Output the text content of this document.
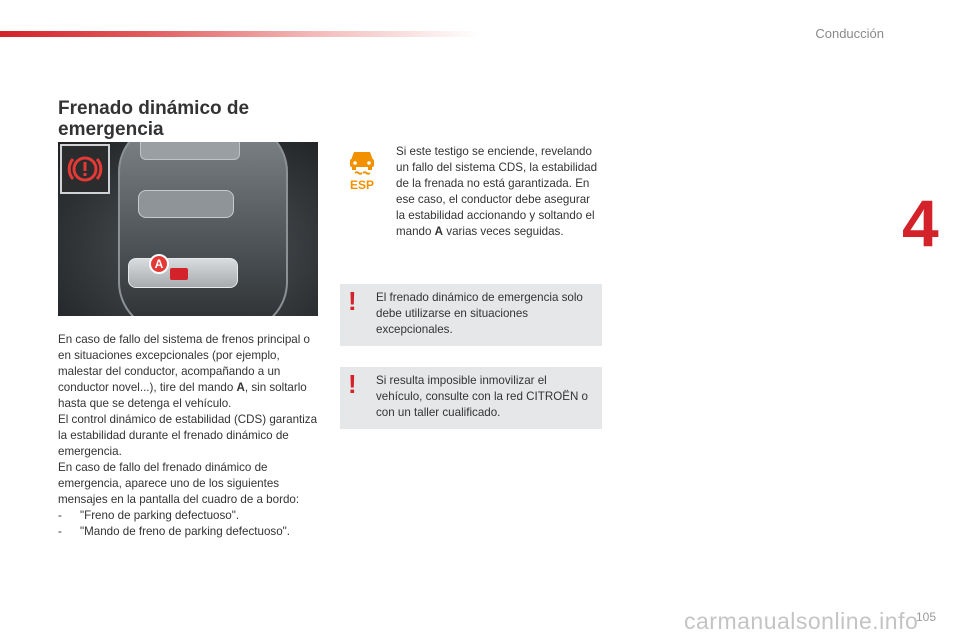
Conducción
4
Frenado dinámico de emergencia
A

En caso de fallo del sistema de frenos principal o en situaciones excepcionales (por ejemplo, malestar del conductor, acompañando a un conductor novel...), tire del mando A, sin soltarlo hasta que se detenga el vehículo.

El control dinámico de estabilidad (CDS) garantiza la estabilidad durante el frenado dinámico de emergencia.

En caso de fallo del frenado dinámico de emergencia, aparece uno de los siguientes mensajes en la pantalla del cuadro de a bordo:

-	"Freno de parking defectuoso".
-	"Mando de freno de parking defectuoso".
ESP
Si este testigo se enciende, revelando un fallo del sistema CDS, la estabilidad de la frenada no está garantizada. En ese caso, el conductor debe asegurar la estabilidad accionando y soltando el mando A varias veces seguidas.
! El frenado dinámico de emergencia solo debe utilizarse en situaciones excepcionales.
! Si resulta imposible inmovilizar el vehículo, consulte con la red CITROËN o con un taller cualificado.
carmanualsonline.info
105
